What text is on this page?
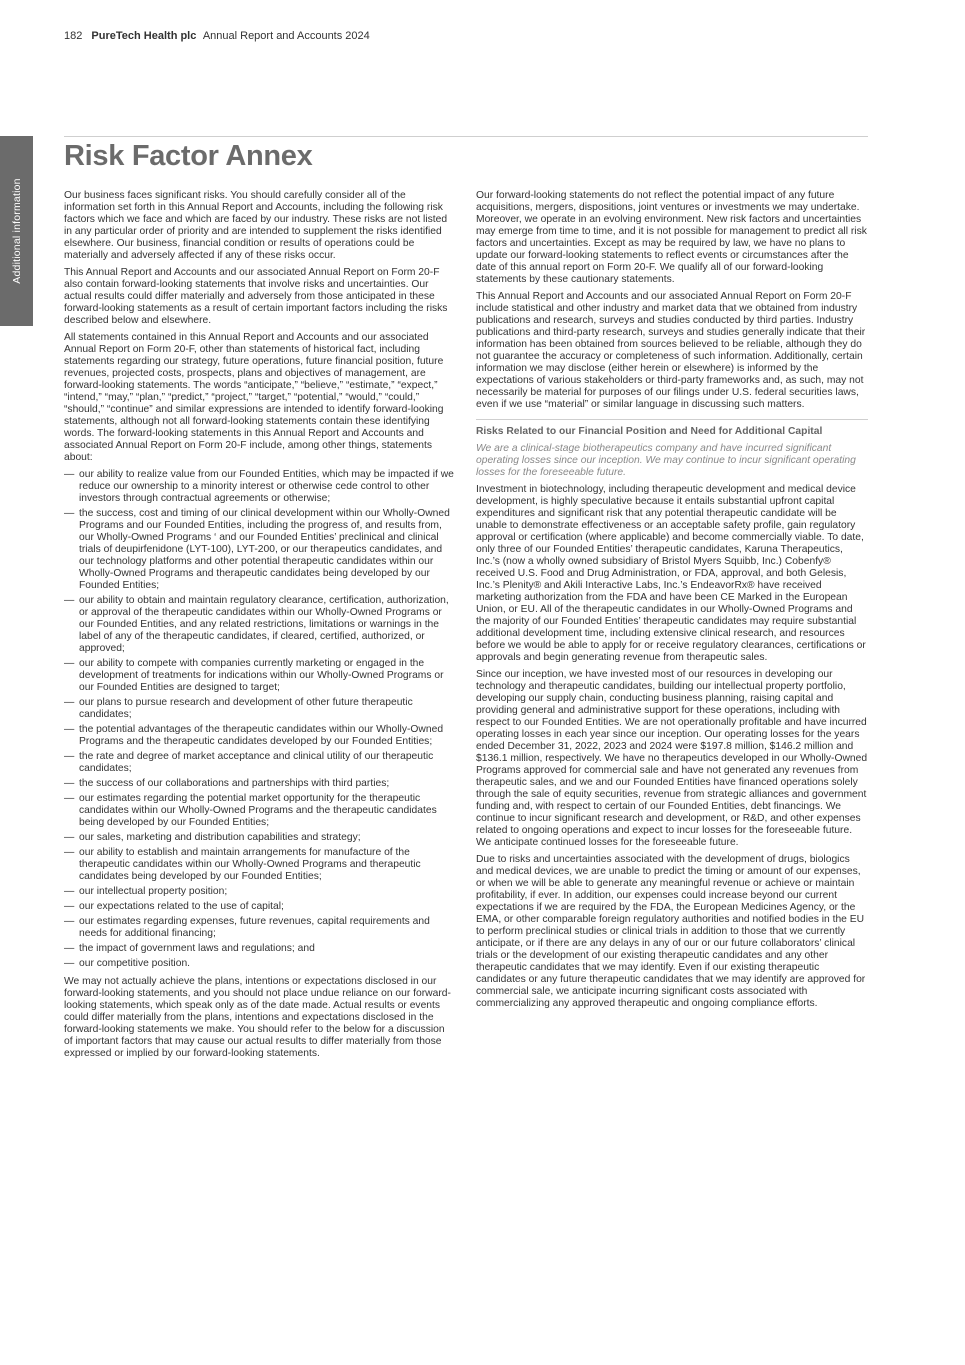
182 PureTech Health plc Annual Report and Accounts 2024
Additional information
Risk Factor Annex

Our business faces significant risks. You should carefully consider all of the information set forth in this Annual Report and Accounts, including the following risk factors which we face and which are faced by our industry. These risks are not listed in any particular order of priority and are intended to supplement the risks identified elsewhere. Our business, financial condition or results of operations could be materially and adversely affected if any of these risks occur.

This Annual Report and Accounts and our associated Annual Report on Form 20-F also contain forward-looking statements that involve risks and uncertainties. Our actual results could differ materially and adversely from those anticipated in these forward-looking statements as a result of certain important factors including the risks described below and elsewhere.

All statements contained in this Annual Report and Accounts and our associated Annual Report on Form 20-F, other than statements of historical fact, including statements regarding our strategy, future operations, future financial position, future revenues, projected costs, prospects, plans and objectives of management, are forward-looking statements. The words “anticipate,” “believe,” “estimate,” “expect,” “intend,” “may,” “plan,” “predict,” “project,” “target,” “potential,” “would,” “could,” “should,” “continue” and similar expressions are intended to identify forward-looking statements, although not all forward-looking statements contain these identifying words. The forward-looking statements in this Annual Report and Accounts and associated Annual Report on Form 20-F include, among other things, statements about:

— our ability to realize value from our Founded Entities, which may be impacted if we reduce our ownership to a minority interest or otherwise cede control to other investors through contractual agreements or otherwise;
— the success, cost and timing of our clinical development within our Wholly-Owned Programs and our Founded Entities, including the progress of, and results from, our Wholly-Owned Programs ‘ and our Founded Entities’ preclinical and clinical trials of deupirfenidone (LYT-100), LYT-200, or our therapeutics candidates, and our technology platforms and other potential therapeutic candidates within our Wholly-Owned Programs and therapeutic candidates being developed by our Founded Entities;
— our ability to obtain and maintain regulatory clearance, certification, authorization, or approval of the therapeutic candidates within our Wholly-Owned Programs or our Founded Entities, and any related restrictions, limitations or warnings in the label of any of the therapeutic candidates, if cleared, certified, authorized, or approved;
— our ability to compete with companies currently marketing or engaged in the development of treatments for indications within our Wholly-Owned Programs or our Founded Entities are designed to target;
— our plans to pursue research and development of other future therapeutic candidates;
— the potential advantages of the therapeutic candidates within our Wholly-Owned Programs and the therapeutic candidates developed by our Founded Entities;
— the rate and degree of market acceptance and clinical utility of our therapeutic candidates;
— the success of our collaborations and partnerships with third parties;
— our estimates regarding the potential market opportunity for the therapeutic candidates within our Wholly-Owned Programs and the therapeutic candidates being developed by our Founded Entities;
— our sales, marketing and distribution capabilities and strategy;
— our ability to establish and maintain arrangements for manufacture of the therapeutic candidates within our Wholly-Owned Programs and therapeutic candidates being developed by our Founded Entities;
— our intellectual property position;
— our expectations related to the use of capital;
— our estimates regarding expenses, future revenues, capital requirements and needs for additional financing;
— the impact of government laws and regulations; and
— our competitive position.

We may not actually achieve the plans, intentions or expectations disclosed in our forward-looking statements, and you should not place undue reliance on our forward-looking statements, which speak only as of the date made. Actual results or events could differ materially from the plans, intentions and expectations disclosed in the forward-looking statements we make. You should refer to the below for a discussion of important factors that may cause our actual results to differ materially from those expressed or implied by our forward-looking statements.

Our forward-looking statements do not reflect the potential impact of any future acquisitions, mergers, dispositions, joint ventures or investments we may undertake. Moreover, we operate in an evolving environment. New risk factors and uncertainties may emerge from time to time, and it is not possible for management to predict all risk factors and uncertainties. Except as may be required by law, we have no plans to update our forward-looking statements to reflect events or circumstances after the date of this annual report on Form 20-F. We qualify all of our forward-looking statements by these cautionary statements.

This Annual Report and Accounts and our associated Annual Report on Form 20-F include statistical and other industry and market data that we obtained from industry publications and research, surveys and studies conducted by third parties. Industry publications and third-party research, surveys and studies generally indicate that their information has been obtained from sources believed to be reliable, although they do not guarantee the accuracy or completeness of such information. Additionally, certain information we may disclose (either herein or elsewhere) is informed by the expectations of various stakeholders or third-party frameworks and, as such, may not necessarily be material for purposes of our filings under U.S. federal securities laws, even if we use “material” or similar language in discussing such matters.

Risks Related to our Financial Position and Need for Additional Capital

We are a clinical-stage biotherapeutics company and have incurred significant operating losses since our inception. We may continue to incur significant operating losses for the foreseeable future.

Investment in biotechnology, including therapeutic development and medical device development, is highly speculative because it entails substantial upfront capital expenditures and significant risk that any potential therapeutic candidate will be unable to demonstrate effectiveness or an acceptable safety profile, gain regulatory approval or certification (where applicable) and become commercially viable. To date, only three of our Founded Entities’ therapeutic candidates, Karuna Therapeutics, Inc.’s (now a wholly owned subsidiary of Bristol Myers Squibb, Inc.) Cobenfy® received U.S. Food and Drug Administration, or FDA, approval, and both Gelesis, Inc.’s Plenity® and Akili Interactive Labs, Inc.’s EndeavorRx® have received marketing authorization from the FDA and have been CE Marked in the European Union, or EU. All of the therapeutic candidates in our Wholly-Owned Programs and the majority of our Founded Entities’ therapeutic candidates may require substantial additional development time, including extensive clinical research, and resources before we would be able to apply for or receive regulatory clearances, certifications or approvals and begin generating revenue from therapeutic sales.

Since our inception, we have invested most of our resources in developing our technology and therapeutic candidates, building our intellectual property portfolio, developing our supply chain, conducting business planning, raising capital and providing general and administrative support for these operations, including with respect to our Founded Entities. We are not operationally profitable and have incurred operating losses in each year since our inception. Our operating losses for the years ended December 31, 2022, 2023 and 2024 were $197.8 million, $146.2 million and $136.1 million, respectively. We have no therapeutics developed in our Wholly-Owned Programs approved for commercial sale and have not generated any revenues from therapeutic sales, and we and our Founded Entities have financed operations solely through the sale of equity securities, revenue from strategic alliances and government funding and, with respect to certain of our Founded Entities, debt financings. We continue to incur significant research and development, or R&D, and other expenses related to ongoing operations and expect to incur losses for the foreseeable future. We anticipate continued losses for the foreseeable future.

Due to risks and uncertainties associated with the development of drugs, biologics and medical devices, we are unable to predict the timing or amount of our expenses, or when we will be able to generate any meaningful revenue or achieve or maintain profitability, if ever. In addition, our expenses could increase beyond our current expectations if we are required by the FDA, the European Medicines Agency, or the EMA, or other comparable foreign regulatory authorities and notified bodies in the EU to perform preclinical studies or clinical trials in addition to those that we currently anticipate, or if there are any delays in any of our or our future collaborators’ clinical trials or the development of our existing therapeutic candidates and any other therapeutic candidates that we may identify. Even if our existing therapeutic candidates or any future therapeutic candidates that we may identify are approved for commercial sale, we anticipate incurring significant costs associated with commercializing any approved therapeutic and ongoing compliance efforts.
